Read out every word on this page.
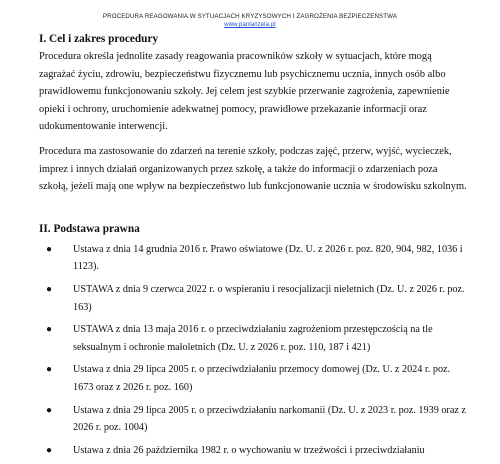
PROCEDURA REAGOWANIA W SYTUACJACH KRYZYSOWYCH I ZAGROŻENIA BEZPIECZEŃSTWA
www.panlanzela.pl
I. Cel i zakres procedury

Procedura określa jednolite zasady reagowania pracowników szkoły w sytuacjach, które mogą zagrażać życiu, zdrowiu, bezpieczeństwu fizycznemu lub psychicznemu ucznia, innych osób albo prawidłowemu funkcjonowaniu szkoły. Jej celem jest szybkie przerwanie zagrożenia, zapewnienie opieki i ochrony, uruchomienie adekwatnej pomocy, prawidłowe przekazanie informacji oraz udokumentowanie interwencji.

Procedura ma zastosowanie do zdarzeń na terenie szkoły, podczas zajęć, przerw, wyjść, wycieczek, imprez i innych działań organizowanych przez szkołę, a także do informacji o zdarzeniach poza szkołą, jeżeli mają one wpływ na bezpieczeństwo lub funkcjonowanie ucznia w środowisku szkolnym.

II. Podstawa prawna
● Ustawa z dnia 14 grudnia 2016 r. Prawo oświatowe (Dz. U. z 2026 r. poz. 820, 904, 982, 1036 i 1123).
● USTAWA z dnia 9 czerwca 2022 r. o wspieraniu i resocjalizacji nieletnich (Dz. U. z 2026 r. poz. 163)
● USTAWA z dnia 13 maja 2016 r. o przeciwdziałaniu zagrożeniom przestępczością na tle seksualnym i ochronie małoletnich (Dz. U. z 2026 r. poz. 110, 187 i 421)
● Ustawa z dnia 29 lipca 2005 r. o przeciwdziałaniu przemocy domowej (Dz. U. z 2024 r. poz. 1673 oraz z 2026 r. poz. 160)
● Ustawa z dnia 29 lipca 2005 r. o przeciwdziałaniu narkomanii (Dz. U. z 2023 r. poz. 1939 oraz z 2026 r. poz. 1004)
● Ustawa z dnia 26 października 1982 r. o wychowaniu w trzeźwości i przeciwdziałaniu
